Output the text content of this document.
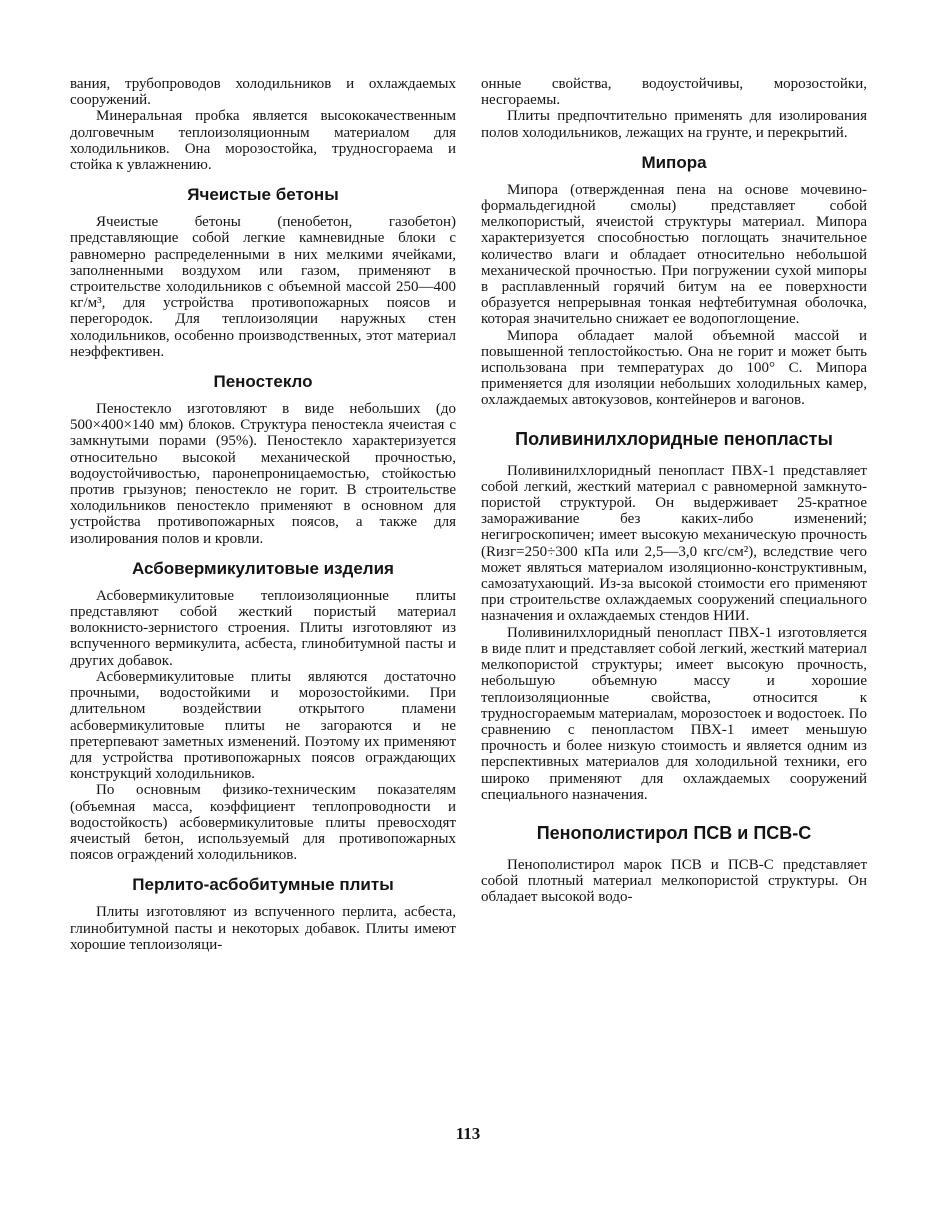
вания, трубопроводов холодильников и охлаждаемых сооружений.

Минеральная пробка является высококачественным долговечным теплоизоляционным материалом для холодильников. Она морозостойка, трудносгораема и стойка к увлажнению.

Ячеистые бетоны

Ячеистые бетоны (пенобетон, газобетон) представляющие собой легкие камневидные блоки с равномерно распределенными в них мелкими ячейками, заполненными воздухом или газом, применяют в строительстве холодильников с объемной массой 250—400 кг/м³, для устройства противопожарных поясов и перегородок. Для теплоизоляции наружных стен холодильников, особенно производственных, этот материал неэффективен.

Пеностекло

Пеностекло изготовляют в виде небольших (до 500×400×140 мм) блоков. Структура пеностекла ячеистая с замкнутыми порами (95%). Пеностекло характеризуется относительно высокой механической прочностью, водоустойчивостью, паронепроницаемостью, стойкостью против грызунов; пеностекло не горит. В строительстве холодильников пеностекло применяют в основном для устройства противопожарных поясов, а также для изолирования полов и кровли.

Асбовермикулитовые изделия

Асбовермикулитовые теплоизоляционные плиты представляют собой жесткий пористый материал волокнисто-зернистого строения. Плиты изготовляют из вспученного вермикулита, асбеста, глинобитумной пасты и других добавок.

Асбовермикулитовые плиты являются достаточно прочными, водостойкими и морозостойкими. При длительном воздействии открытого пламени асбовермикулитовые плиты не загораются и не претерпевают заметных изменений. Поэтому их применяют для устройства противопожарных поясов ограждающих конструкций холодильников.

По основным физико-техническим показателям (объемная масса, коэффициент теплопроводности и водостойкость) асбовермикулитовые плиты превосходят ячеистый бетон, используемый для противопожарных поясов ограждений холодильников.

Перлито-асбобитумные плиты

Плиты изготовляют из вспученного перлита, асбеста, глинобитумной пасты и некоторых добавок. Плиты имеют хорошие теплоизоляци-

онные свойства, водоустойчивы, морозостойки, несгораемы.

Плиты предпочтительно применять для изолирования полов холодильников, лежащих на грунте, и перекрытий.

Мипора

Мипора (отвержденная пена на основе мочевино-формальдегидной смолы) представляет собой мелкопористый, ячеистой структуры материал. Мипора характеризуется способностью поглощать значительное количество влаги и обладает относительно небольшой механической прочностью. При погружении сухой мипоры в расплавленный горячий битум на ее поверхности образуется непрерывная тонкая нефтебитумная оболочка, которая значительно снижает ее водопоглощение.

Мипора обладает малой объемной массой и повышенной теплостойкостью. Она не горит и может быть использована при температурах до 100° С. Мипора применяется для изоляции небольших холодильных камер, охлаждаемых автокузовов, контейнеров и вагонов.

Поливинилхлоридные пенопласты

Поливинилхлоридный пенопласт ПВХ-1 представляет собой легкий, жесткий материал с равномерной замкнуто-пористой структурой. Он выдерживает 25-кратное замораживание без каких-либо изменений; негигроскопичен; имеет высокую механическую прочность (Rизг=250÷300 кПа или 2,5—3,0 кгс/см²), вследствие чего может являться материалом изоляционно-конструктивным, самозатухающий. Из-за высокой стоимости его применяют при строительстве охлаждаемых сооружений специального назначения и охлаждаемых стендов НИИ.

Поливинилхлоридный пенопласт ПВХ-1 изготовляется в виде плит и представляет собой легкий, жесткий материал мелкопористой структуры; имеет высокую прочность, небольшую объемную массу и хорошие теплоизоляционные свойства, относится к трудносгораемым материалам, морозостоек и водостоек. По сравнению с пенопластом ПВХ-1 имеет меньшую прочность и более низкую стоимость и является одним из перспективных материалов для холодильной техники, его широко применяют для охлаждаемых сооружений специального назначения.

Пенополистирол ПСВ и ПСВ-С

Пенополистирол марок ПСВ и ПСВ-С представляет собой плотный материал мелкопористой структуры. Он обладает высокой водо-

113
